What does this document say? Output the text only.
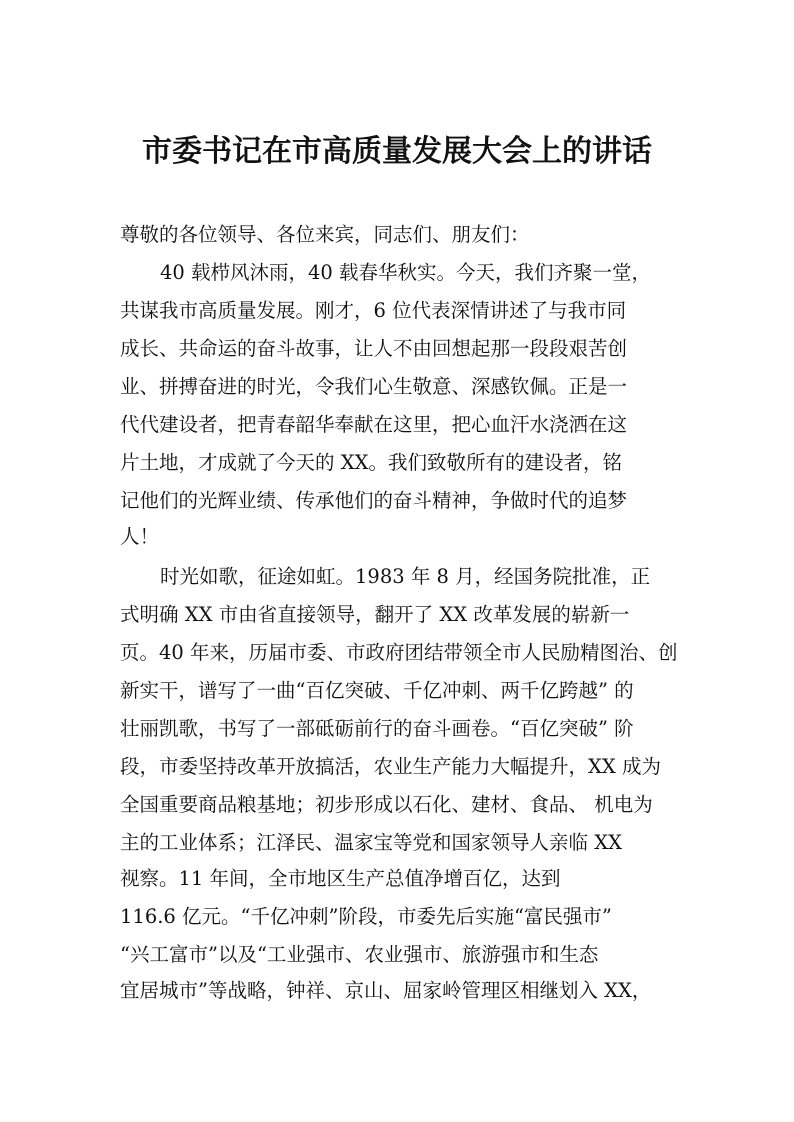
市委书记在市高质量发展大会上的讲话
尊敬的各位领导、各位来宾，同志们、朋友们：
40 载栉风沐雨，40 载春华秋实。今天，我们齐聚一堂，
共谋我市高质量发展。刚才，6 位代表深情讲述了与我市同
成长、共命运的奋斗故事，让人不由回想起那一段段艰苦创
业、拼搏奋进的时光，令我们心生敬意、深感钦佩。正是一
代代建设者，把青春韶华奉献在这里，把心血汗水浇洒在这
片土地，才成就了今天的 XX。我们致敬所有的建设者，铭
记他们的光辉业绩、传承他们的奋斗精神，争做时代的追梦
人！
时光如歌，征途如虹。1983 年 8 月，经国务院批准，正
式明确 XX 市由省直接领导，翻开了 XX 改革发展的崭新一
页。40 年来，历届市委、市政府团结带领全市人民励精图治、创
新实干，谱写了一曲“百亿突破、千亿冲刺、两千亿跨越” 的
壮丽凯歌，书写了一部砥砺前行的奋斗画卷。“百亿突破” 阶
段，市委坚持改革开放搞活，农业生产能力大幅提升，XX 成为
全国重要商品粮基地；初步形成以石化、建材、食品、 机电为
主的工业体系；江泽民、温家宝等党和国家领导人亲临 XX
视察。11 年间，全市地区生产总值净增百亿，达到
116.6 亿元。“千亿冲刺”阶段，市委先后实施“富民强市”
“兴工富市”以及“工业强市、农业强市、旅游强市和生态
宜居城市”等战略，钟祥、京山、屈家岭管理区相继划入 XX，
